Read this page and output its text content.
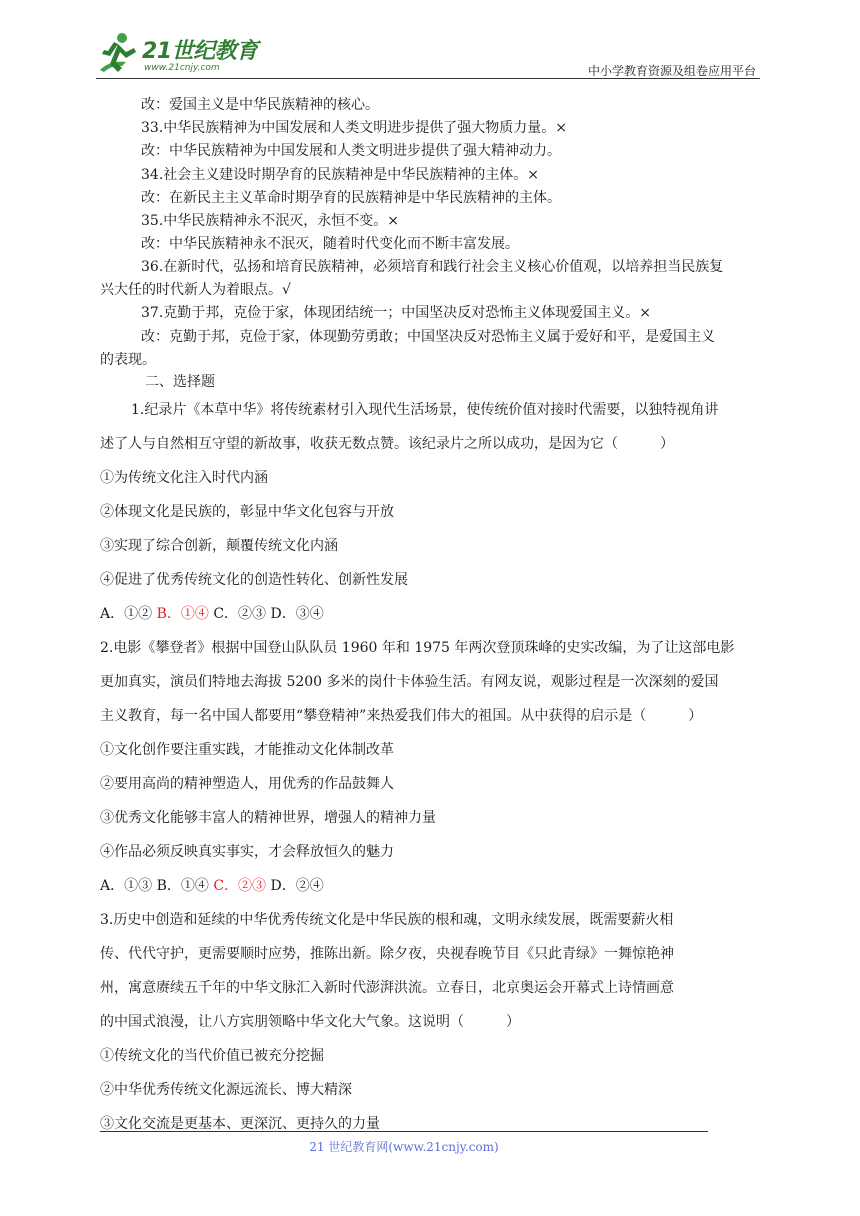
21世纪教育
www.21cnjy.com	中小学教育资源及组卷应用平台
改：爱国主义是中华民族精神的核心。
33.中华民族精神为中国发展和人类文明进步提供了强大物质力量。×
改：中华民族精神为中国发展和人类文明进步提供了强大精神动力。
34.社会主义建设时期孕育的民族精神是中华民族精神的主体。×
改：在新民主主义革命时期孕育的民族精神是中华民族精神的主体。
35.中华民族精神永不泯灭，永恒不变。×
改：中华民族精神永不泯灭，随着时代变化而不断丰富发展。
36.在新时代，弘扬和培育民族精神，必须培育和践行社会主义核心价值观，以培养担当民族复
兴大任的时代新人为着眼点。√
37.克勤于邦，克俭于家，体现团结统一；中国坚决反对恐怖主义体现爱国主义。×
改：克勤于邦，克俭于家，体现勤劳勇敢；中国坚决反对恐怖主义属于爱好和平，是爱国主义
的表现。
二、选择题
1.纪录片《本草中华》将传统素材引入现代生活场景，使传统价值对接时代需要，以独特视角讲
述了人与自然相互守望的新故事，收获无数点赞。该纪录片之所以成功，是因为它（　　　）
①为传统文化注入时代内涵
②体现文化是民族的，彰显中华文化包容与开放
③实现了综合创新，颠覆传统文化内涵
④促进了优秀传统文化的创造性转化、创新性发展
A．①② B．①④ C．②③ D．③④
2.电影《攀登者》根据中国登山队队员 1960 年和 1975 年两次登顶珠峰的史实改编，为了让这部电影
更加真实，演员们特地去海拔 5200 多米的岗什卡体验生活。有网友说，观影过程是一次深刻的爱国
主义教育，每一名中国人都要用“攀登精神”来热爱我们伟大的祖国。从中获得的启示是（　　　）
①文化创作要注重实践，才能推动文化体制改革
②要用高尚的精神塑造人，用优秀的作品鼓舞人
③优秀文化能够丰富人的精神世界，增强人的精神力量
④作品必须反映真实事实，才会释放恒久的魅力
A．①③ B．①④ C．②③ D．②④
3.历史中创造和延续的中华优秀传统文化是中华民族的根和魂，文明永续发展，既需要薪火相
传、代代守护，更需要顺时应势，推陈出新。除夕夜，央视春晚节目《只此青绿》一舞惊艳神
州，寓意赓续五千年的中华文脉汇入新时代澎湃洪流。立春日，北京奥运会开幕式上诗情画意
的中国式浪漫，让八方宾朋领略中华文化大气象。这说明（　　　）
①传统文化的当代价值已被充分挖掘
②中华优秀传统文化源远流长、博大精深
③文化交流是更基本、更深沉、更持久的力量
21 世纪教育网(www.21cnjy.com)
